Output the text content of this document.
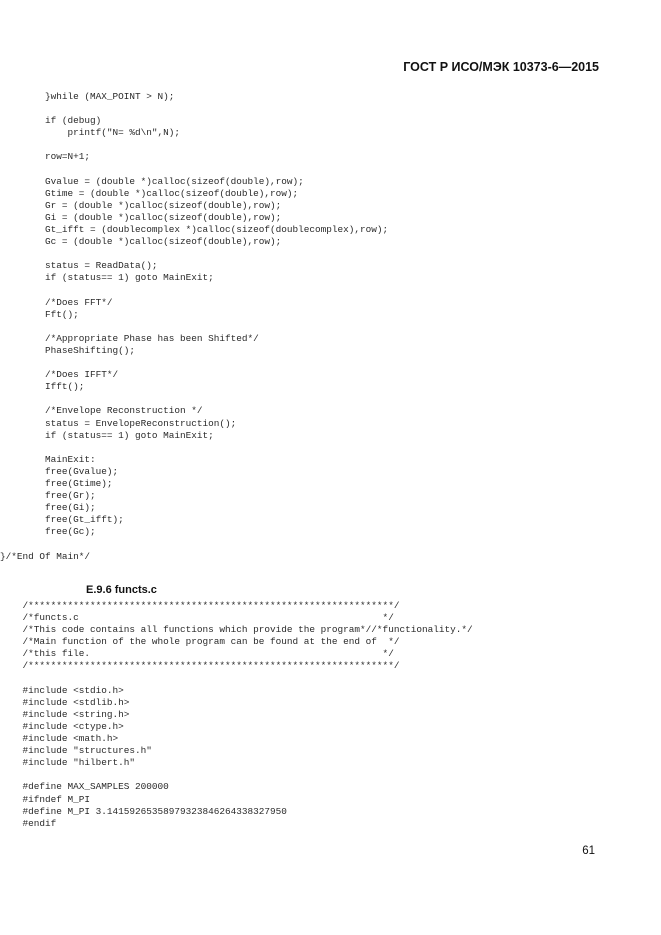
ГОСТ Р ИСО/МЭК 10373-6—2015
}while (MAX_POINT > N);

if (debug)
printf("N= %d\n",N);

row=N+1;

Gvalue = (double *)calloc(sizeof(double),row);
Gtime = (double *)calloc(sizeof(double),row);
Gr = (double *)calloc(sizeof(double),row);
Gi = (double *)calloc(sizeof(double),row);
Gt_ifft = (doublecomplex *)calloc(sizeof(doublecomplex),row);
Gc = (double *)calloc(sizeof(double),row);

status = ReadData();
if (status== 1) goto MainExit;

/*Does FFT*/
Fft();

/*Appropriate Phase has been Shifted*/
PhaseShifting();

/*Does IFFT*/
Ifft();

/*Envelope Reconstruction */
status = EnvelopeReconstruction();
if (status== 1) goto MainExit;

MainExit:
free(Gvalue);
free(Gtime);
free(Gr);
free(Gi);
free(Gt_ifft);
free(Gc);

}/*End Of Main*/
E.9.6 functs.c
/*****************************************************************/
/*functs.c                                                      */
/*This code contains all functions which provide the program*//*functionality.*/
/*Main function of the whole program can be found at the end of  */
/*this file.                                                    */
/*****************************************************************/

#include <stdio.h>
#include <stdlib.h>
#include <string.h>
#include <ctype.h>
#include <math.h>
#include "structures.h"
#include "hilbert.h"

#define MAX_SAMPLES 200000
#ifndef M_PI
#define M_PI 3.14159265358979323846264338327950
#endif
61
